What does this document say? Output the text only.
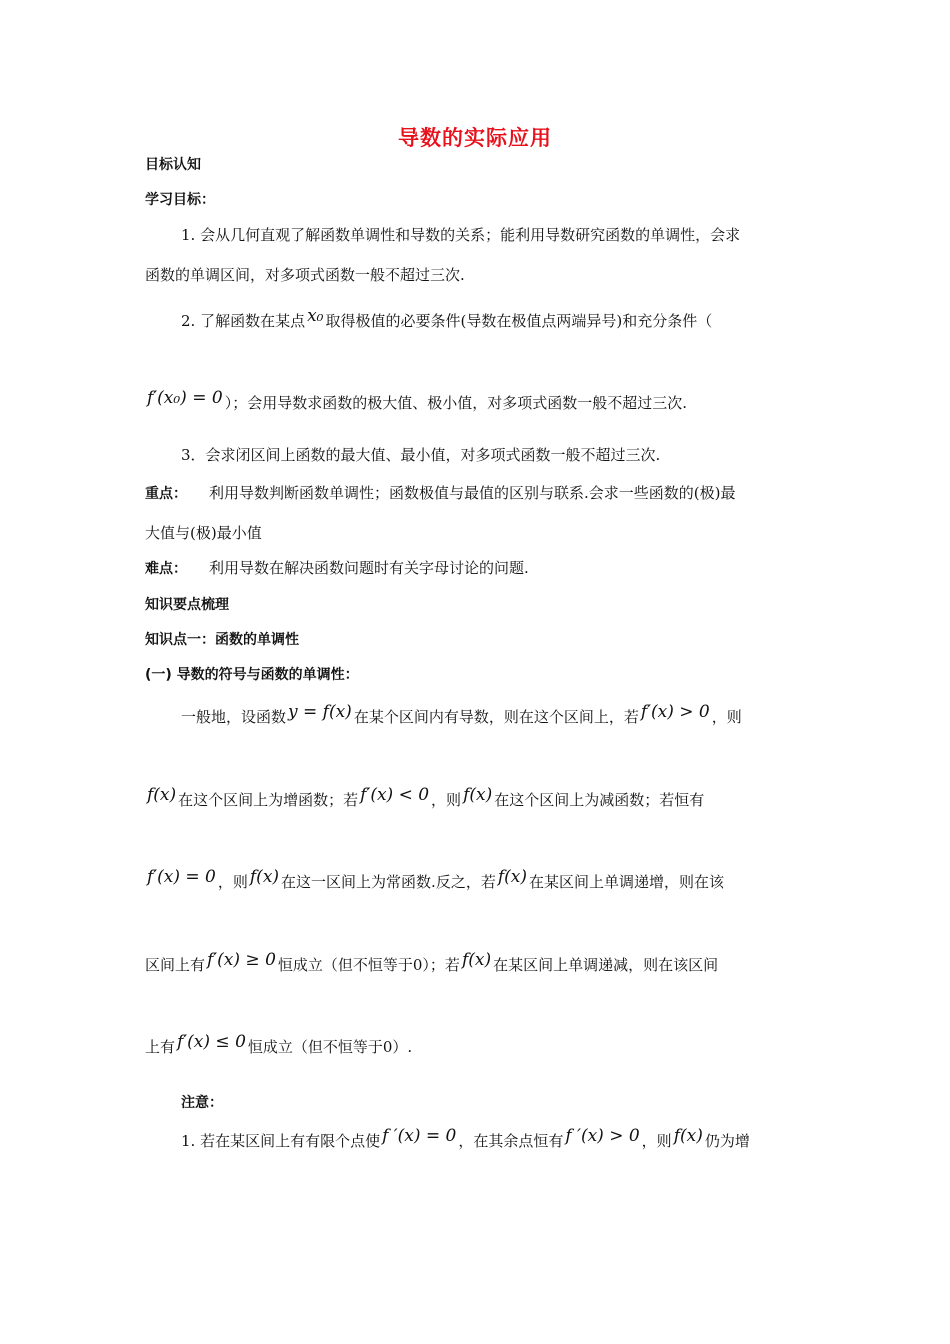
导数的实际应用
目标认知
学习目标：
1. 会从几何直观了解函数单调性和导数的关系；能利用导数研究函数的单调性，会求
函数的单调区间，对多项式函数一般不超过三次.
2. 了解函数在某点 x₀ 取得极值的必要条件(导数在极值点两端异号)和充分条件（
f′(x₀) = 0 ）；会用导数求函数的极大值、极小值，对多项式函数一般不超过三次.
3．会求闭区间上函数的最大值、最小值，对多项式函数一般不超过三次.
重点： 利用导数判断函数单调性；函数极值与最值的区别与联系.会求一些函数的(极)最
大值与(极)最小值
难点： 利用导数在解决函数问题时有关字母讨论的问题.
知识要点梳理
知识点一：函数的单调性
(一) 导数的符号与函数的单调性：
一般地，设函数 y = f(x) 在某个区间内有导数，则在这个区间上，若 f′(x) > 0 ，则
f(x) 在这个区间上为增函数；若 f′(x) < 0 ，则 f(x) 在这个区间上为减函数；若恒有
f′(x) = 0 ，则 f(x) 在这一区间上为常函数.反之，若 f(x) 在某区间上单调递增，则在该
区间上有 f′(x) ≥ 0 恒成立（但不恒等于0）；若 f(x) 在某区间上单调递减，则在该区间
上有 f′(x) ≤ 0 恒成立（但不恒等于0）.
注意：
1. 若在某区间上有有限个点使 f ′(x) = 0 ，在其余点恒有 f ′(x) > 0 ，则 f(x) 仍为增
